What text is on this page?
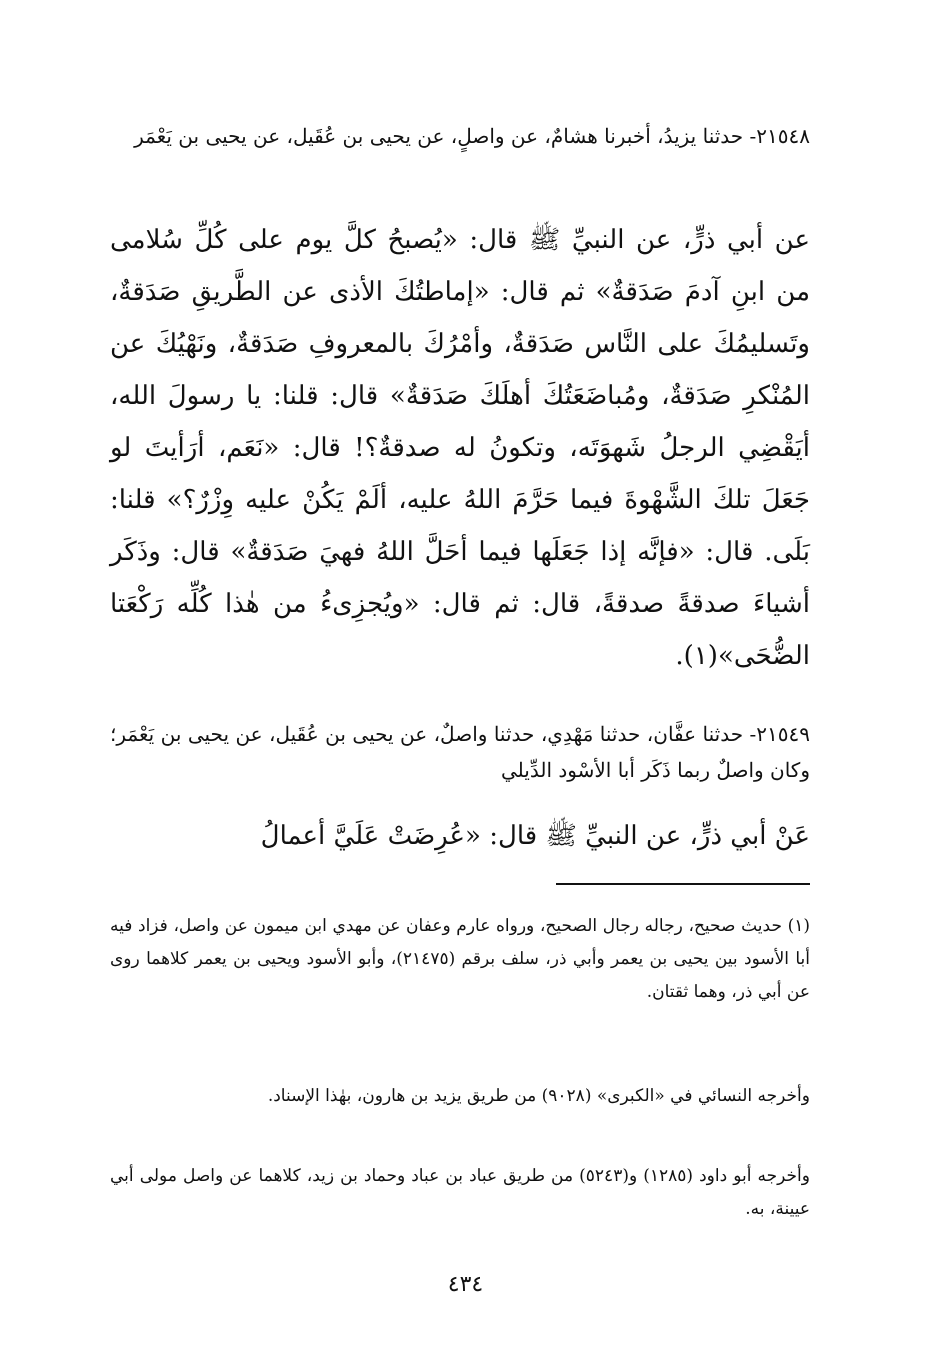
٢١٥٤٨- حدثنا يزيدُ، أخبرنا هشامٌ، عن واصلٍ، عن يحيى بن عُقَيل، عن يحيى بن يَعْمَر

عن أبي ذرٍّ، عن النبيِّ ﷺ قال: «يُصبحُ كلَّ يوم على كُلِّ سُلامى من ابنِ آدمَ صَدَقةٌ» ثم قال: «إماطتُكَ الأذى عن الطَّريقِ صَدَقةٌ، وتَسليمُكَ على النَّاس صَدَقةٌ، وأمْرُكَ بالمعروفِ صَدَقةٌ، ونَهْيُكَ عن المُنْكرِ صَدَقةٌ، ومُباضَعَتُكَ أهلَكَ صَدَقةٌ» قال: قلنا: يا رسولَ الله، أيَقْضِي الرجلُ شَهوَتَه، وتكونُ له صدقةٌ؟! قال: «نَعَم، أرَأيتَ لو جَعَلَ تلكَ الشَّهْوةَ فيما حَرَّمَ اللهُ عليه، ألَمْ يَكُنْ عليه وِزْرٌ؟» قلنا: بَلَى. قال: «فإنَّه إذا جَعَلَها فيما أحَلَّ اللهُ فهيَ صَدَقةٌ» قال: وذَكَر أشياءَ صدقةً صدقةً، قال: ثم قال: «ويُجزِىءُ من هٰذا كُلِّه رَكْعَتا الضُّحَى»(١).

٢١٥٤٩- حدثنا عفَّان، حدثنا مَهْدِي، حدثنا واصلٌ، عن يحيى بن عُقَيل، عن يحيى بن يَعْمَر؛ وكان واصلٌ ربما ذَكَر أبا الأسْود الدِّيلي

عَنْ أبي ذرٍّ، عن النبيِّ ﷺ قال: «عُرِضَتْ عَلَيَّ أعمالُ

(١) حديث صحيح، رجاله رجال الصحيح، ورواه عارم وعفان عن مهدي ابن ميمون عن واصل، فزاد فيه أبا الأسود بين يحيى بن يعمر وأبي ذر، سلف برقم (٢١٤٧٥)، وأبو الأسود ويحيى بن يعمر كلاهما روى عن أبي ذر، وهما ثقتان.

وأخرجه النسائي في «الكبرى» (٩٠٢٨) من طريق يزيد بن هارون، بهٰذا الإسناد.

وأخرجه أبو داود (١٢٨٥) و(٥٢٤٣) من طريق عباد بن عباد وحماد بن زيد، كلاهما عن واصل مولى أبي عيينة، به.

٤٣٤
